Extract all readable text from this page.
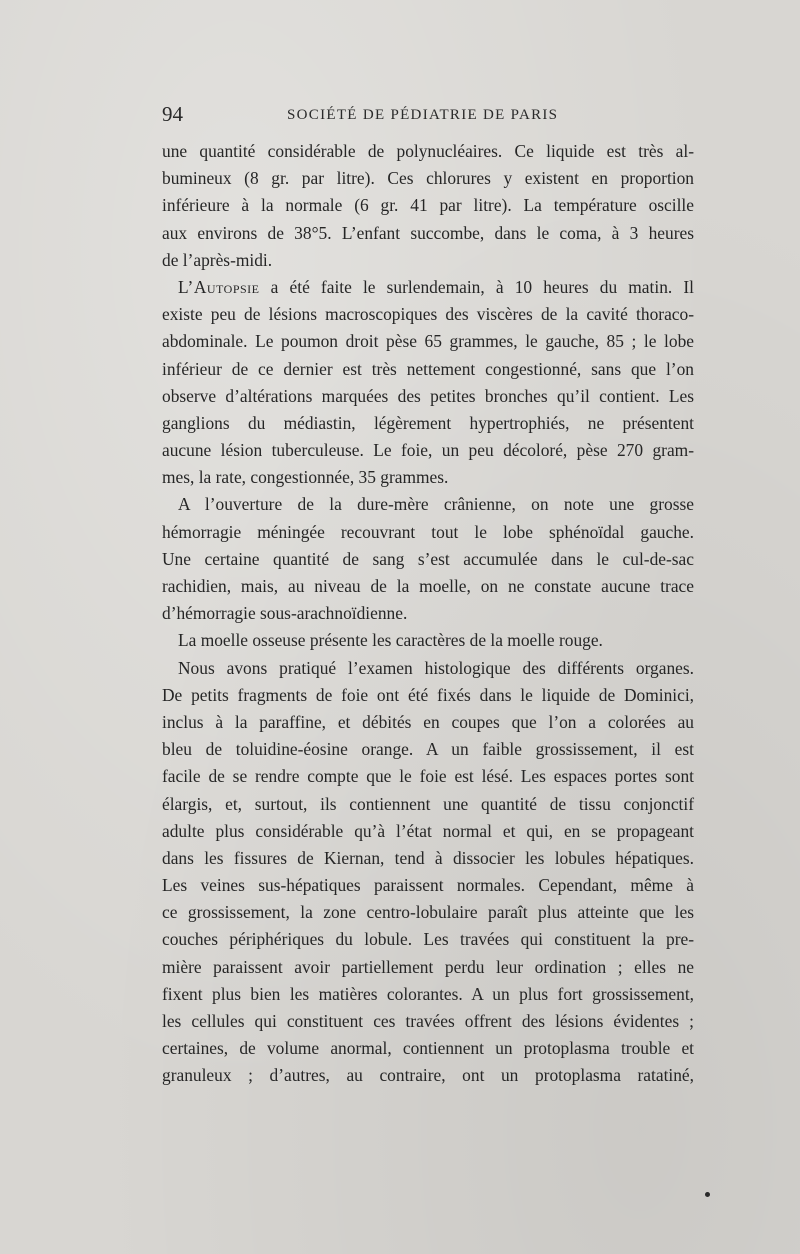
94	SOCIÉTÉ DE PÉDIATRIE DE PARIS
une quantité considérable de polynucléaires. Ce liquide est très al-
bumineux (8 gr. par litre). Ces chlorures y existent en proportion
inférieure à la normale (6 gr. 41 par litre). La température oscille
aux environs de 38°5. L’enfant succombe, dans le coma, à 3 heures
de l’après-midi.
L’Autopsie a été faite le surlendemain, à 10 heures du matin. Il
existe peu de lésions macroscopiques des viscères de la cavité thoraco-
abdominale. Le poumon droit pèse 65 grammes, le gauche, 85 ; le lobe
inférieur de ce dernier est très nettement congestionné, sans que l’on
observe d’altérations marquées des petites bronches qu’il contient. Les
ganglions du médiastin, légèrement hypertrophiés, ne présentent
aucune lésion tuberculeuse. Le foie, un peu décoloré, pèse 270 gram-
mes, la rate, congestionnée, 35 grammes.
A l’ouverture de la dure-mère crânienne, on note une grosse
hémorragie méningée recouvrant tout le lobe sphénoïdal gauche.
Une certaine quantité de sang s’est accumulée dans le cul-de-sac
rachidien, mais, au niveau de la moelle, on ne constate aucune trace
d’hémorragie sous-arachnoïdienne.
La moelle osseuse présente les caractères de la moelle rouge.
Nous avons pratiqué l’examen histologique des différents organes.
De petits fragments de foie ont été fixés dans le liquide de Dominici,
inclus à la paraffine, et débités en coupes que l’on a colorées au
bleu de toluidine-éosine orange. A un faible grossissement, il est
facile de se rendre compte que le foie est lésé. Les espaces portes sont
élargis, et, surtout, ils contiennent une quantité de tissu conjonctif
adulte plus considérable qu’à l’état normal et qui, en se propageant
dans les fissures de Kiernan, tend à dissocier les lobules hépatiques.
Les veines sus-hépatiques paraissent normales. Cependant, même à
ce grossissement, la zone centro-lobulaire paraît plus atteinte que les
couches périphériques du lobule. Les travées qui constituent la pre-
mière paraissent avoir partiellement perdu leur ordination ; elles ne
fixent plus bien les matières colorantes. A un plus fort grossissement,
les cellules qui constituent ces travées offrent des lésions évidentes ;
certaines, de volume anormal, contiennent un protoplasma trouble et
granuleux ; d’autres, au contraire, ont un protoplasma ratatiné,
